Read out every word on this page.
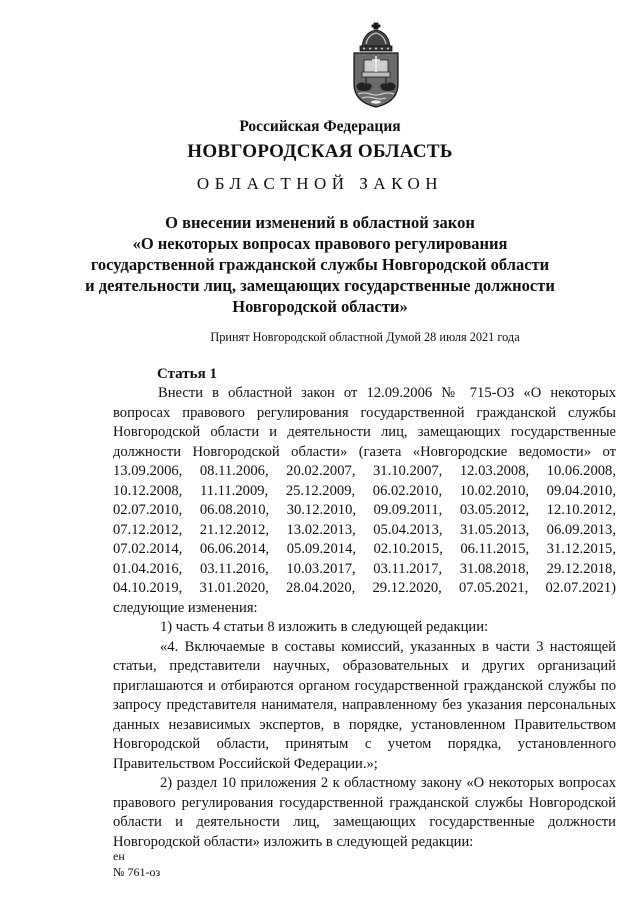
Российская Федерация
НОВГОРОДСКАЯ ОБЛАСТЬ
ОБЛАСТНОЙ ЗАКОН
О внесении изменений в областной закон
«О некоторых вопросах правового регулирования
государственной гражданской службы Новгородской области
и деятельности лиц, замещающих государственные должности
Новгородской области»
Принят Новгородской областной Думой 28 июля 2021 года
Статья 1

Внести в областной закон от 12.09.2006 № 715-ОЗ «О некоторых вопросах правового регулирования государственной гражданской службы Новгородской области и деятельности лиц, замещающих государственные должности Новгородской области» (газета «Новгородские ведомости» от 13.09.2006, 08.11.2006, 20.02.2007, 31.10.2007, 12.03.2008, 10.06.2008, 10.12.2008, 11.11.2009, 25.12.2009, 06.02.2010, 10.02.2010, 09.04.2010, 02.07.2010, 06.08.2010, 30.12.2010, 09.09.2011, 03.05.2012, 12.10.2012, 07.12.2012, 21.12.2012, 13.02.2013, 05.04.2013, 31.05.2013, 06.09.2013, 07.02.2014, 06.06.2014, 05.09.2014, 02.10.2015, 06.11.2015, 31.12.2015, 01.04.2016, 03.11.2016, 10.03.2017, 03.11.2017, 31.08.2018, 29.12.2018, 04.10.2019, 31.01.2020, 28.04.2020, 29.12.2020, 07.05.2021, 02.07.2021) следующие изменения:

1) часть 4 статьи 8 изложить в следующей редакции:

«4. Включаемые в составы комиссий, указанных в части 3 настоящей статьи, представители научных, образовательных и других организаций приглашаются и отбираются органом государственной гражданской службы по запросу представителя нанимателя, направленному без указания персональных данных независимых экспертов, в порядке, установленном Правительством Новгородской области, принятым с учетом порядка, установленного Правительством Российской Федерации.»;

2) раздел 10 приложения 2 к областному закону «О некоторых вопросах правового регулирования государственной гражданской службы Новгородской области и деятельности лиц, замещающих государственные должности Новгородской области» изложить в следующей редакции:

ен
№ 761-оз
